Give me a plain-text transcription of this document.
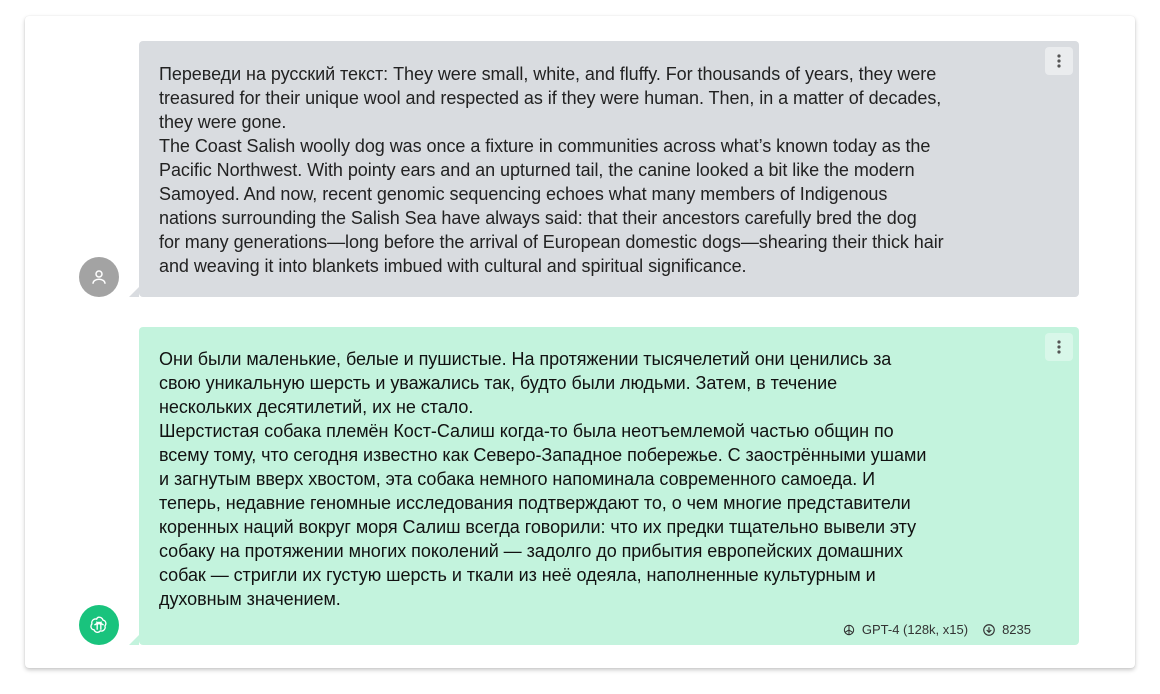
Переведи на русский текст: They were small, white, and fluffy. For thousands of years, they were
treasured for their unique wool and respected as if they were human. Then, in a matter of decades,
they were gone.
The Coast Salish woolly dog was once a fixture in communities across what’s known today as the
Pacific Northwest. With pointy ears and an upturned tail, the canine looked a bit like the modern
Samoyed. And now, recent genomic sequencing echoes what many members of Indigenous
nations surrounding the Salish Sea have always said: that their ancestors carefully bred the dog
for many generations—long before the arrival of European domestic dogs—shearing their thick hair
and weaving it into blankets imbued with cultural and spiritual significance.

Они были маленькие, белые и пушистые. На протяжении тысячелетий они ценились за
свою уникальную шерсть и уважались так, будто были людьми. Затем, в течение
нескольких десятилетий, их не стало.
Шерстистая собака племён Кост-Салиш когда-то была неотъемлемой частью общин по
всему тому, что сегодня известно как Северо-Западное побережье. С заострёнными ушами
и загнутым вверх хвостом, эта собака немного напоминала современного самоеда. И
теперь, недавние геномные исследования подтверждают то, о чем многие представители
коренных наций вокруг моря Салиш всегда говорили: что их предки тщательно вывели эту
собаку на протяжении многих поколений — задолго до прибытия европейских домашних
собак — стригли их густую шерсть и ткали из неё одеяла, наполненные культурным и
духовным значением.

GPT-4 (128k, x15)	8235
